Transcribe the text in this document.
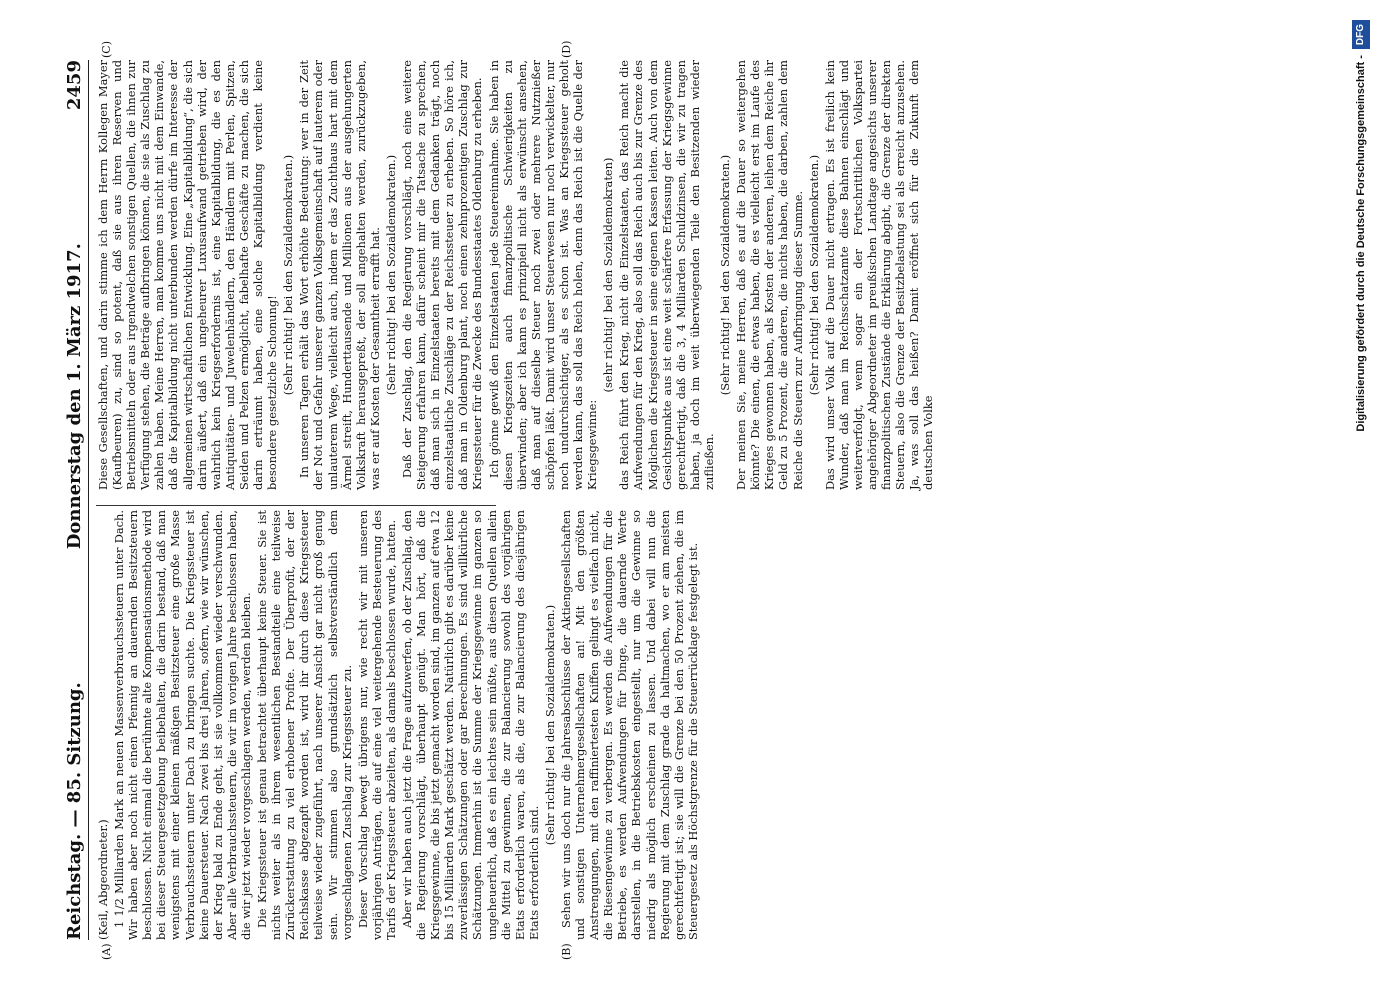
Reichstag. — 85. Sitzung.
Donnerstag den 1. März 1917.
2459
(A)	(B)
(C)	(D)

(Keil, Abgeordneter.) 1 1/2 Milliarden Mark an neuen Massenverbrauchssteuern unter Dach. Wir haben aber noch nicht einen Pfennig an dauernden Besitzsteuern beschlossen. Nicht einmal die berühmte alte Kompensationsmethode wird bei dieser Steuergesetzgebung beibehalten, die darin bestand, daß man wenigstens mit einer kleinen mäßigen Besitzsteuer eine große Masse Verbrauchssteuern unter Dach zu bringen suchte. Die Kriegssteuer ist keine Dauersteuer. Nach zwei bis drei Jahren, sofern, wie wir wünschen, der Krieg bald zu Ende geht, ist sie vollkommen wieder verschwunden. Aber alle Verbrauchssteuern, die wir im vorigen Jahre beschlossen haben, die wir jetzt wieder vorgeschlagen werden, werden bleiben. Die Kriegssteuer ist genau betrachtet überhaupt keine Steuer. Sie ist nichts weiter als in ihrem wesentlichen Bestandteile eine teilweise Zurückerstattung zu viel erhobener Profite. Der Überprofit, der der Reichskasse abgezapft worden ist, wird ihr durch diese Kriegssteuer teilweise wieder zugeführt, nach unserer Ansicht gar nicht groß genug sein. Wir stimmen also grundsätzlich selbstverständlich dem vorgeschlagenen Zuschlag zur Kriegssteuer zu. Dieser Vorschlag bewegt übrigens nur, wie recht wir mit unseren vorjährigen Anträgen, die auf eine viel weitergehende Besteuerung des Tarifs der Kriegssteuer abzielten, als damals beschlossen wurde, hatten. Aber wir haben auch jetzt die Frage aufzuwerfen, ob der Zuschlag, den die Regierung vorschlägt, überhaupt genügt. Man hört, daß die Kriegsgewinne, die bis jetzt gemacht worden sind, im ganzen auf etwa 12 bis 15 Milliarden Mark geschätzt werden. Natürlich gibt es darüber keine zuverlässigen Schätzungen oder gar Berechnungen. Es sind willkürliche Schätzungen. Immerhin ist die Summe der Kriegsgewinne im ganzen so ungeheuerlich, daß es ein leichtes sein müßte, aus diesen Quellen allein die Mittel zu gewinnen, die zur Balancierung sowohl des vorjährigen Etats erforderlich waren, als die, die zur Balancierung des diesjährigen Etats erforderlich sind.

(Sehr richtig! bei den Sozialdemokraten.) Sehen wir uns doch nur die Jahresabschlüsse der Aktiengesellschaften und sonstigen Unternehmergesellschaften an! Mit den größten Anstrengungen, mit den raffiniertesten Kniffen gelingt es vielfach nicht, die Riesengewinne zu verbergen. Es werden die Aufwendungen für die Betriebe, es werden Aufwendungen für Dinge, die dauernde Werte darstellen, in die Betriebskosten eingestellt, nur um die Gewinne so niedrig als möglich erscheinen zu lassen. Und dabei will nun die Regierung mit dem Zuschlag grade da haltmachen, wo er am meisten gerechtfertigt ist; sie will die Grenze bei den 50 Prozent ziehen, die im Steuergesetz als Höchstgrenze für die Steuerrücklage festgelegt ist.

Diese Gesellschaften, und darin stimme ich dem Herrn Kollegen Mayer (Kaufbeuren) zu, sind so potent, daß sie aus ihren Reserven und Betriebsmitteln oder aus irgendwelchen sonstigen Quellen, die ihnen zur Verfügung stehen, die Beträge aufbringen können, die sie als Zuschlag zu zahlen haben. Meine Herren, man komme uns nicht mit dem Einwande, daß die Kapitalbildung nicht unterbunden werden dürfe im Interesse der allgemeinen wirtschaftlichen Entwicklung. Eine „Kapitalbildung“, die sich darin äußert, daß ein ungeheurer Luxusaufwand getrieben wird, der wahrlich kein Kriegserfordernis ist, eine Kapitalbildung, die es den Antiquitäten- und Juwelenhändlern, den Händlern mit Perlen, Spitzen, Seiden und Pelzen ermöglicht, fabelhafte Geschäfte zu machen, die sich darin erträumt haben, eine solche Kapitalbildung verdient keine besondere gesetzliche Schonung! (Sehr richtig! bei den Sozialdemokraten.) In unseren Tagen erhält das Wort erhöhte Bedeutung: wer in der Zeit der Not und Gefahr unserer ganzen Volksgemeinschaft auf lauterem oder unlauterem Wege, vielleicht auch, indem er das Zuchthaus hart mit dem Ärmel streift, Hunderttausende und Millionen aus der ausgehungerten Volkskraft herausgepreßt, der soll angehalten werden, zurückzugeben, was er auf Kosten der Gesamtheit errafft hat. (Sehr richtig! bei den Sozialdemokraten.) Daß der Zuschlag, den die Regierung vorschlägt, noch eine weitere Steigerung erfahren kann, dafür scheint mir die Tatsache zu sprechen, daß man sich in Einzelstaaten bereits mit dem Gedanken trägt, noch einzelstaatliche Zuschläge zu der Reichssteuer zu erheben. So höre ich, daß man in Oldenburg plant, noch einen zehnprozentigen Zuschlag zur Kriegssteuer für die Zwecke des Bundesstaates Oldenburg zu erheben. Ich gönne gewiß den Einzelstaaten jede Steuereinnahme. Sie haben in diesen Kriegszeiten auch finanzpolitische Schwierigkeiten zu überwinden; aber ich kann es prinzipiell nicht als erwünscht ansehen, daß man auf dieselbe Steuer noch zwei oder mehrere Nutznießer schöpfen läßt. Damit wird unser Steuerwesen nur noch verwickelter, nur noch undurchsichtiger, als es schon ist. Was an Kriegssteuer geholt werden kann, das soll das Reich holen, denn das Reich ist die Quelle der Kriegsgewinne:

(sehr richtig! bei den Sozialdemokraten) das Reich führt den Krieg, nicht die Einzelstaaten, das Reich macht die Aufwendungen für den Krieg, also soll das Reich auch bis zur Grenze des Möglichen die Kriegssteuer in seine eigenen Kassen leiten. Auch von dem Gesichtspunkte aus ist eine weit schärfere Erfassung der Kriegsgewinne gerechtfertigt, daß die 3, 4 Milliarden Schuldzinsen, die wir zu tragen haben, ja doch im weit überwiegenden Teile den Besitzenden wieder zufließen.

(Sehr richtig! bei den Sozialdemokraten.) Der meinen Sie, meine Herren, daß es auf die Dauer so weitergehen könnte? Die einen, die etwas haben, die es vielleicht erst im Laufe des Krieges gewonnen haben, als Kosten der anderen, leihen dem Reiche ihr Geld zu 5 Prozent, die anderen, die nichts haben, die darben, zahlen dem Reiche die Steuern zur Aufbringung dieser Summe. (Sehr richtig! bei den Sozialdemokraten.) Das wird unser Volk auf die Dauer nicht ertragen. Es ist freilich kein Wunder, daß man im Reichsschatzamte diese Bahnen einschlägt und weiterverfolgt, wenn sogar ein der Fortschrittlichen Volkspartei angehöriger Abgeordneter im preußischen Landtage angesichts unserer finanzpolitischen Zustände die Erklärung abgibt, die Grenze der direkten Steuern, also die Grenze der Besitzbelastung sei als erreicht anzusehen. Ja, was soll das heißen? Damit eröffnet sich für die Zukunft dem deutschen Volke

Digitalisierung gefördert durch die Deutsche Forschungsgemeinschaft -
DFG
